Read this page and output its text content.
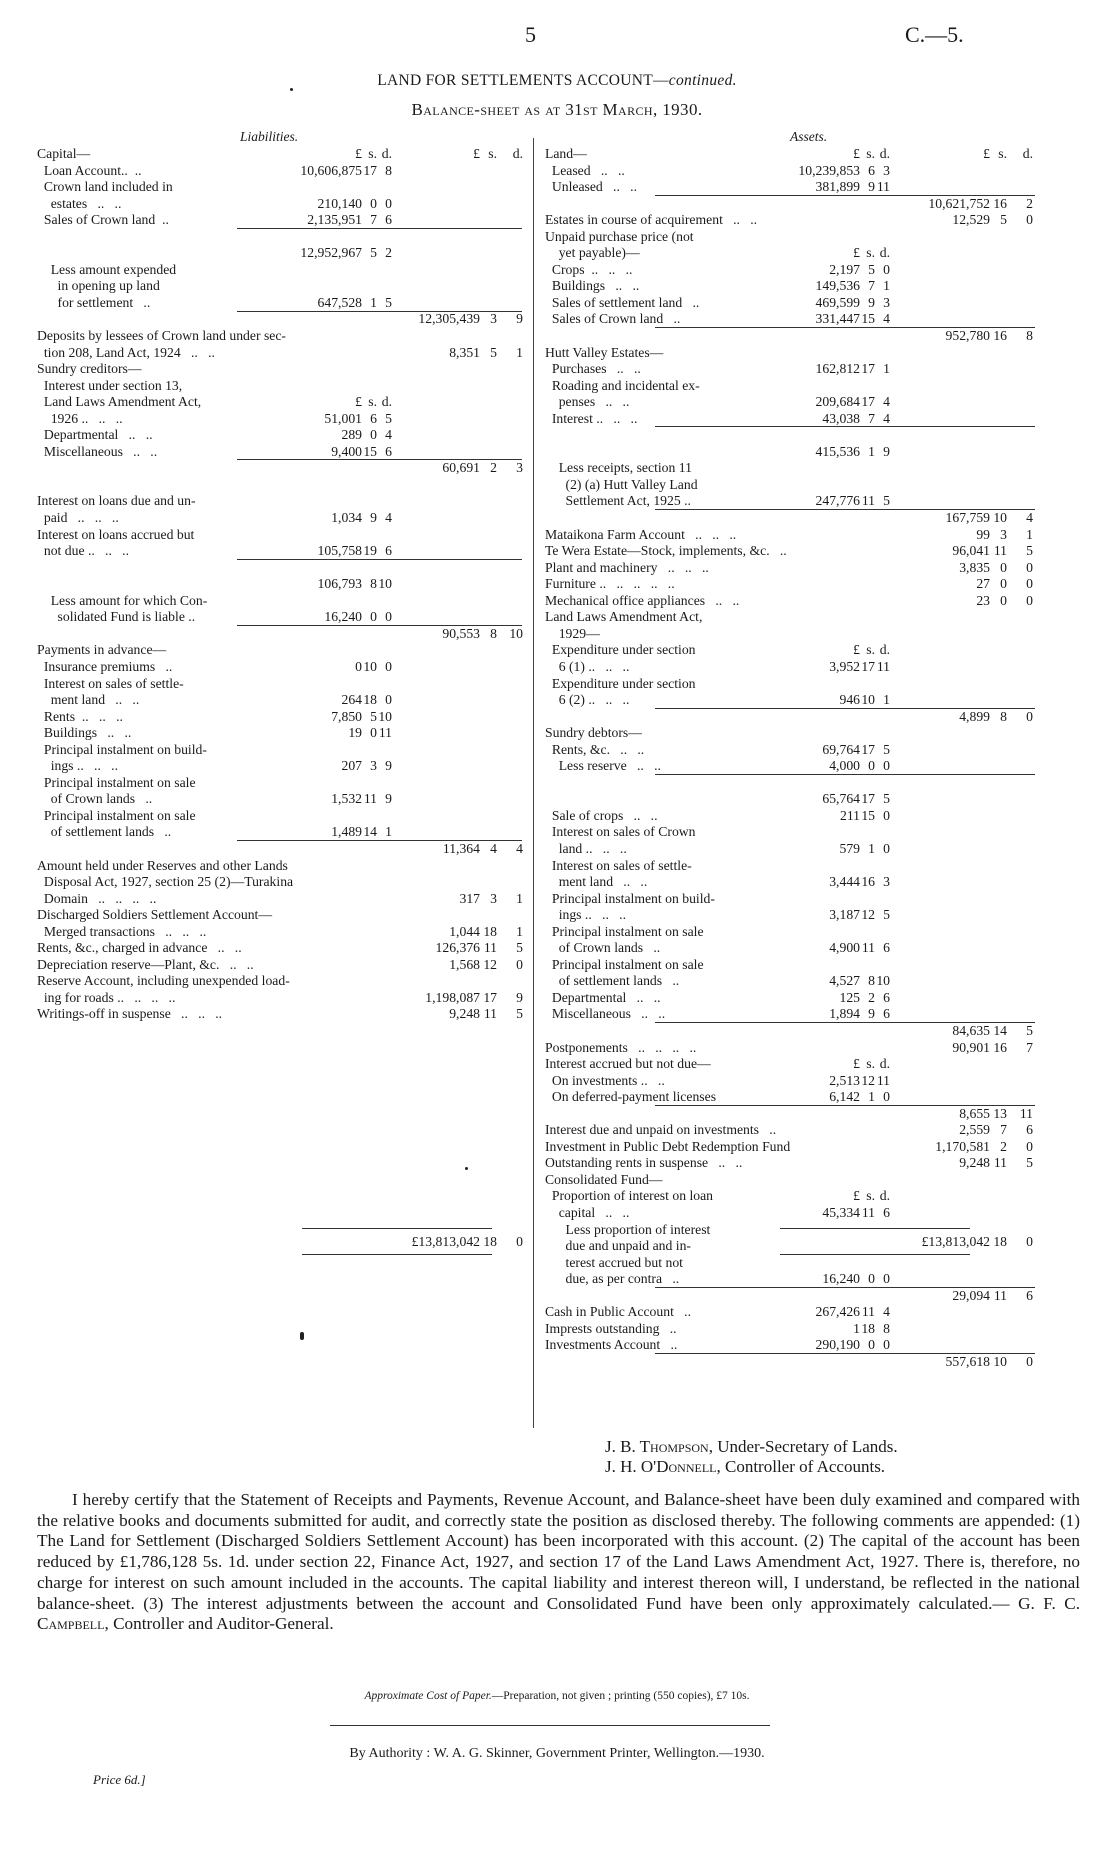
5	C.—5.
LAND FOR SETTLEMENTS ACCOUNT—continued.
Balance-sheet as at 31st March, 1930.
Liabilities.	Assets.
Capital—	£ s. d.	£ s.	d.
Loan Account..  ..	10,606,875 17 8
Crown land included in
estates   ..   ..	210,140 0 0
Sales of Crown land  ..	2,135,951 7 6
12,952,967 5 2
Less amount expended
in opening up land
for settlement   ..	647,528 1 5
12,305,439 3	9
Deposits by lessees of Crown land under sec-
tion 208, Land Act, 1924   ..   ..	8,351 5	1
Sundry creditors—
Interest under section 13,
Land Laws Amendment Act,	£ s. d.
1926 ..   ..   ..	51,001 6 5
Departmental   ..   ..	289 0 4
Miscellaneous   ..   ..	9,400 15 6
60,691 2	3
Interest on loans due and un-
paid   ..   ..   ..	1,034 9 4
Interest on loans accrued but
not due ..   ..   ..	105,758 19 6
106,793 8 10
Less amount for which Con-
solidated Fund is liable ..	16,240 0 0
90,553 8 10
Payments in advance—
Insurance premiums   ..	0 10 0
Interest on sales of settle-
ment land   ..   ..	264 18 0
Rents  ..   ..   ..	7,850 5 10
Buildings   ..   ..	19 0 11
Principal instalment on build-
ings ..   ..   ..	207 3 9
Principal instalment on sale
of Crown lands   ..	1,532 11 9
Principal instalment on sale
of settlement lands   ..	1,489 14 1
11,364 4	4
Amount held under Reserves and other Lands
Disposal Act, 1927, section 25 (2)—Turakina
Domain   ..   ..   ..   ..	317 3	1
Discharged Soldiers Settlement Account—
Merged transactions   ..   ..   ..	1,044 18	1
Rents, &c., charged in advance   ..   ..	126,376 11	5
Depreciation reserve—Plant, &c.   ..   ..	1,568 12	0
Reserve Account, including unexpended load-
ing for roads ..   ..   ..   ..	1,198,087 17	9
Writings-off in suspense   ..   ..   ..	9,248 11	5
£13,813,042 18	0
Land—	£ s. d.	£ s.	d.
Leased   ..   ..	10,239,853 6 3
Unleased   ..   ..	381,899 9 11
10,621,752 16	2
Estates in course of acquirement   ..   ..	12,529 5	0
Unpaid purchase price (not
yet payable)—	£ s. d.
Crops  ..   ..   ..	2,197 5 0
Buildings   ..   ..	149,536 7 1
Sales of settlement land   ..	469,599 9 3
Sales of Crown land   ..	331,447 15 4
952,780 16	8
Hutt Valley Estates—
Purchases   ..   ..	162,812 17 1
Roading and incidental ex-
penses   ..   ..	209,684 17 4
Interest ..   ..   ..	43,038 7 4
415,536 1 9
Less receipts, section 11
(2) (a) Hutt Valley Land
Settlement Act, 1925 ..	247,776 11 5
167,759 10	4
Mataikona Farm Account   ..   ..   ..	99 3	1
Te Wera Estate—Stock, implements, &c.   ..	96,041 11	5
Plant and machinery   ..   ..   ..	3,835 0	0
Furniture ..   ..   ..   ..   ..	27 0	0
Mechanical office appliances   ..   ..	23 0	0
Land Laws Amendment Act,
1929—
Expenditure under section	£ s. d.
6 (1) ..   ..   ..	3,952 17 11
Expenditure under section
6 (2) ..   ..   ..	946 10 1
4,899 8	0
Sundry debtors—
Rents, &c.   ..   ..	69,764 17 5
Less reserve   ..   ..	4,000 0 0
65,764 17 5
Sale of crops   ..   ..	211 15 0
Interest on sales of Crown
land ..   ..   ..	579 1 0
Interest on sales of settle-
ment land   ..   ..	3,444 16 3
Principal instalment on build-
ings ..   ..   ..	3,187 12 5
Principal instalment on sale
of Crown lands   ..	4,900 11 6
Principal instalment on sale
of settlement lands   ..	4,527 8 10
Departmental   ..   ..	125 2 6
Miscellaneous   ..   ..	1,894 9 6
84,635 14	5
Postponements   ..   ..   ..   ..	90,901 16	7
Interest accrued but not due—	£ s. d.
On investments ..   ..	2,513 12 11
On deferred-payment licenses	6,142 1 0
8,655 13 11
Interest due and unpaid on investments   ..	2,559 7	6
Investment in Public Debt Redemption Fund	1,170,581 2	0
Outstanding rents in suspense   ..   ..	9,248 11	5
Consolidated Fund—
Proportion of interest on loan	£ s. d.
capital   ..   ..	45,334 11 6
Less proportion of interest
due and unpaid and in-
terest accrued but not
due, as per contra   ..	16,240 0 0
29,094 11	6
Cash in Public Account   ..	267,426 11 4
Imprests outstanding   ..	1 18 8
Investments Account   ..	290,190 0 0
557,618 10	0
£13,813,042 18	0
J. B. Thompson, Under-Secretary of Lands.
J. H. O'Donnell, Controller of Accounts.
I hereby certify that the Statement of Receipts and Payments, Revenue Account, and Balance-sheet have been duly examined and compared with the relative books and documents submitted for audit, and correctly state the position as disclosed thereby. The following comments are appended: (1) The Land for Settlement (Discharged Soldiers Settlement Account) has been incorporated with this account. (2) The capital of the account has been reduced by £1,786,128 5s. 1d. under section 22, Finance Act, 1927, and section 17 of the Land Laws Amendment Act, 1927. There is, therefore, no charge for interest on such amount included in the accounts. The capital liability and interest thereon will, I understand, be reflected in the national balance-sheet. (3) The interest adjustments between the account and Consolidated Fund have been only approximately calculated.— G. F. C. Campbell, Controller and Auditor-General.
Approximate Cost of Paper.—Preparation, not given ; printing (550 copies), £7 10s.
By Authority : W. A. G. Skinner, Government Printer, Wellington.—1930.
Price 6d.]
